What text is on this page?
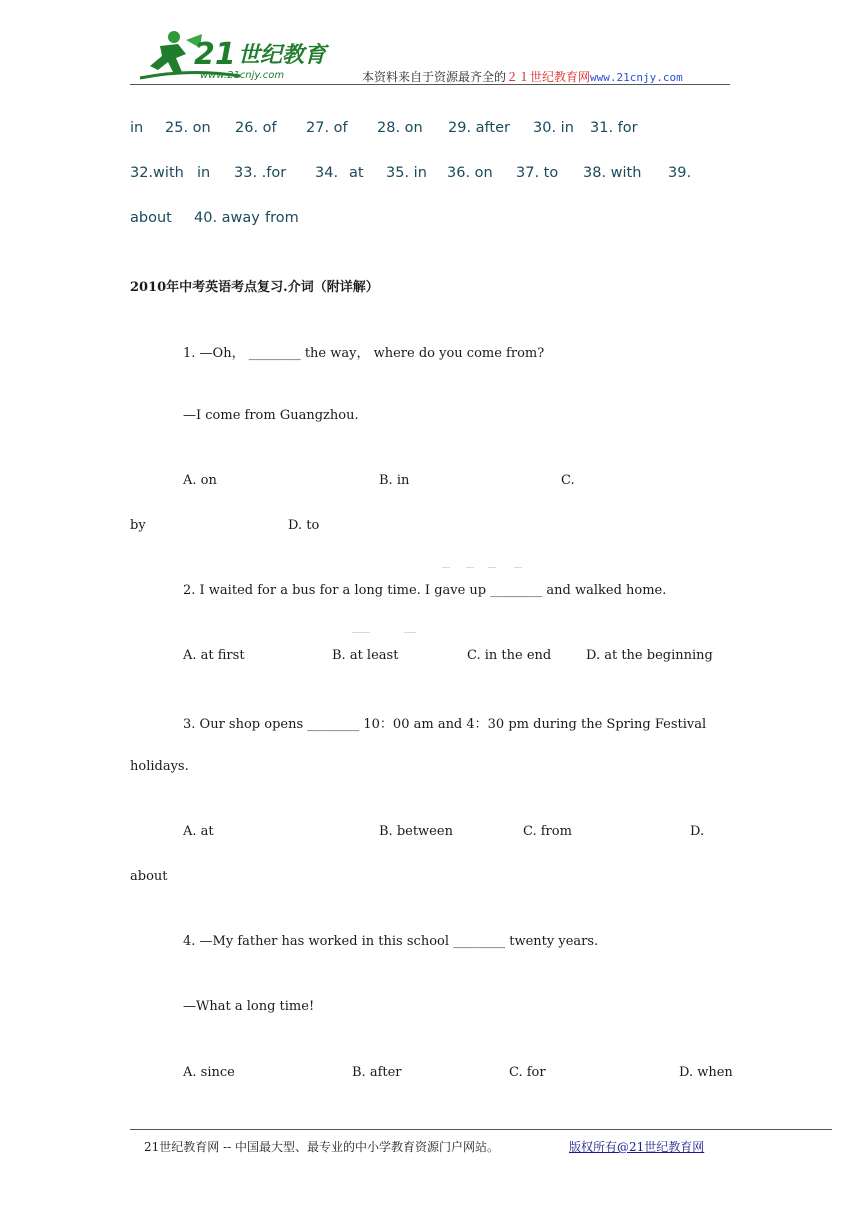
21 世纪教育
www.21cnjy.com	本资料来自于资源最齐全的２１世纪教育网www.21cnjy.com
in 25. on 26. of 27. of 28. on 29. after 30. in 31. for
32.with in 33. .for 34. at 35. in 36. on 37. to 38. with 39.
about 40. away from
2010年中考英语考点复习.介词（附详解）
1. —Oh， ________ the way， where do you come from?
—I come from Guangzhou.
A. on	B. in	C.
by	D. to
2. I waited for a bus for a long time. I gave up ________ and walked home.
A. at first	B. at least	C. in the end	D. at the beginning
3. Our shop opens ________ 10：00 am and 4：30 pm during the Spring Festival
holidays.
A. at	B. between	C. from	D.
about
4. —My father has worked in this school ________ twenty years.
—What a long time!
A. since	B. after	C. for	D. when
21世纪教育网 -- 中国最大型、最专业的中小学教育资源门户网站。	版权所有@21世纪教育网
